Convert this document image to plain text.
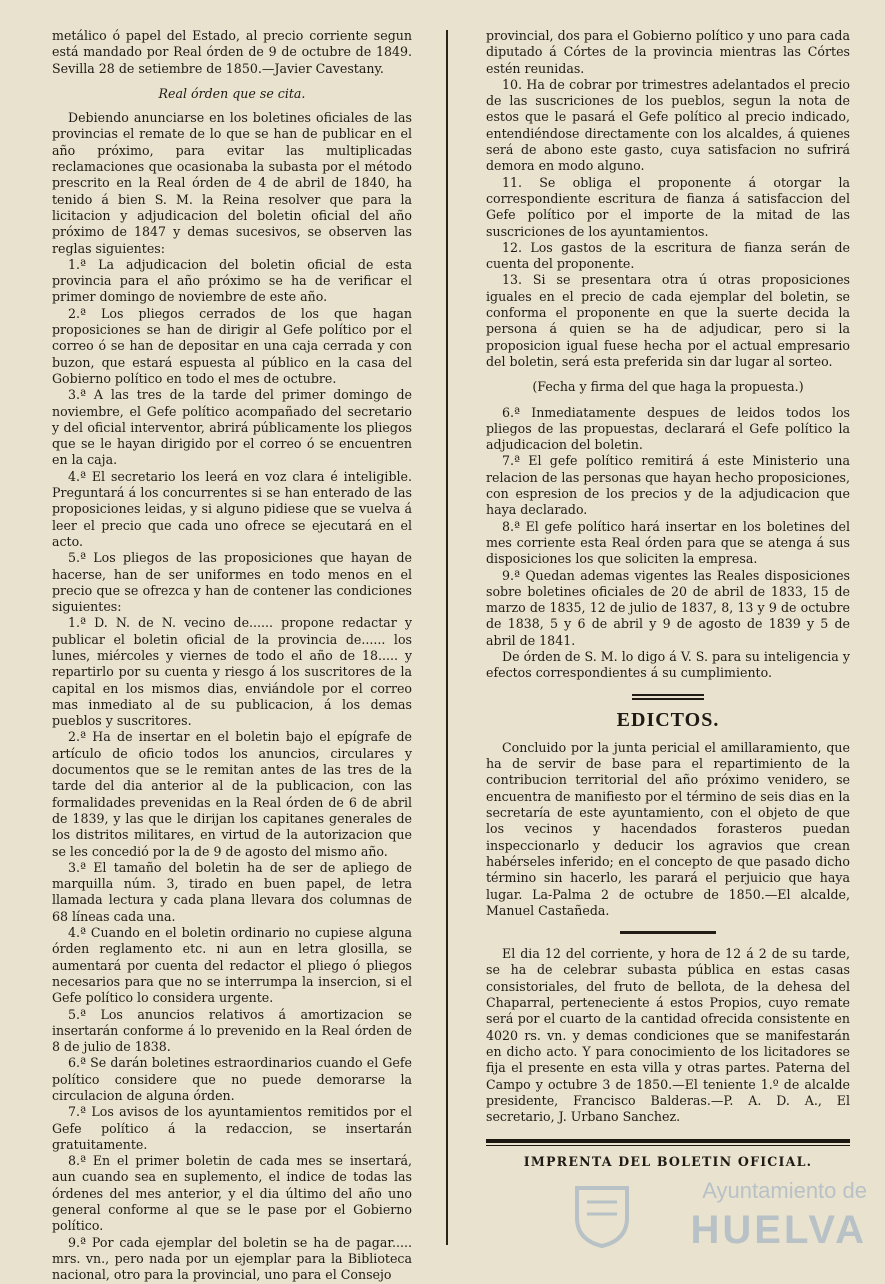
metálico ó papel del Estado, al precio corriente segun está mandado por Real órden de 9 de octubre de 1849. Sevilla 28 de setiembre de 1850.—Javier Cavestany.

Real órden que se cita.

Debiendo anunciarse en los boletines oficiales de las provincias el remate de lo que se han de publicar en el año próximo, para evitar las multiplicadas reclamaciones que ocasionaba la subasta por el método prescrito en la Real órden de 4 de abril de 1840, ha tenido á bien S. M. la Reina resolver que para la licitacion y adjudicacion del boletin oficial del año próximo de 1847 y demas sucesivos, se observen las reglas siguientes:

1.ª La adjudicacion del boletin oficial de esta provincia para el año próximo se ha de verificar el primer domingo de noviembre de este año.

2.ª Los pliegos cerrados de los que hagan proposiciones se han de dirigir al Gefe político por el correo ó se han de depositar en una caja cerrada y con buzon, que estará espuesta al público en la casa del Gobierno político en todo el mes de octubre.

3.ª A las tres de la tarde del primer domingo de noviembre, el Gefe político acompañado del secretario y del oficial interventor, abrirá públicamente los pliegos que se le hayan dirigido por el correo ó se encuentren en la caja.

4.ª El secretario los leerá en voz clara é inteligible. Preguntará á los concurrentes si se han enterado de las proposiciones leidas, y si alguno pidiese que se vuelva á leer el precio que cada uno ofrece se ejecutará en el acto.

5.ª Los pliegos de las proposiciones que hayan de hacerse, han de ser uniformes en todo menos en el precio que se ofrezca y han de contener las condiciones siguientes:

1.ª D. N. de N. vecino de...... propone redactar y publicar el boletin oficial de la provincia de...... los lunes, miércoles y viernes de todo el año de 18..... y repartirlo por su cuenta y riesgo á los suscritores de la capital en los mismos dias, enviándole por el correo mas inmediato al de su publicacion, á los demas pueblos y suscritores.

2.ª Ha de insertar en el boletin bajo el epígrafe de artículo de oficio todos los anuncios, circulares y documentos que se le remitan antes de las tres de la tarde del dia anterior al de la publicacion, con las formalidades prevenidas en la Real órden de 6 de abril de 1839, y las que le dirijan los capitanes generales de los distritos militares, en virtud de la autorizacion que se les concedió por la de 9 de agosto del mismo año.

3.ª El tamaño del boletin ha de ser de apliego de marquilla núm. 3, tirado en buen papel, de letra llamada lectura y cada plana llevara dos columnas de 68 líneas cada una.

4.ª Cuando en el boletin ordinario no cupiese alguna órden reglamento etc. ni aun en letra glosilla, se aumentará por cuenta del redactor el pliego ó pliegos necesarios para que no se interrumpa la insercion, si el Gefe político lo considera urgente.

5.ª Los anuncios relativos á amortizacion se insertarán conforme á lo prevenido en la Real órden de 8 de julio de 1838.

6.ª Se darán boletines estraordinarios cuando el Gefe político considere que no puede demorarse la circulacion de alguna órden.

7.ª Los avisos de los ayuntamientos remitidos por el Gefe político á la redaccion, se insertarán gratuitamente.

8.ª En el primer boletin de cada mes se insertará, aun cuando sea en suplemento, el indice de todas las órdenes del mes anterior, y el dia último del año uno general conforme al que se le pase por el Gobierno político.

9.ª Por cada ejemplar del boletin se ha de pagar..... mrs. vn., pero nada por un ejemplar para la Biblioteca nacional, otro para la provincial, uno para el Consejo

provincial, dos para el Gobierno político y uno para cada diputado á Córtes de la provincia mientras las Córtes estén reunidas.

10. Ha de cobrar por trimestres adelantados el precio de las suscriciones de los pueblos, segun la nota de estos que le pasará el Gefe político al precio indicado, entendiéndose directamente con los alcaldes, á quienes será de abono este gasto, cuya satisfacion no sufrirá demora en modo alguno.

11. Se obliga el proponente á otorgar la correspondiente escritura de fianza á satisfaccion del Gefe político por el importe de la mitad de las suscriciones de los ayuntamientos.

12. Los gastos de la escritura de fianza serán de cuenta del proponente.

13. Si se presentara otra ú otras proposiciones iguales en el precio de cada ejemplar del boletin, se conforma el proponente en que la suerte decida la persona á quien se ha de adjudicar, pero si la proposicion igual fuese hecha por el actual empresario del boletin, será esta preferida sin dar lugar al sorteo.

(Fecha y firma del que haga la propuesta.)

6.ª Inmediatamente despues de leidos todos los pliegos de las propuestas, declarará el Gefe político la adjudicacion del boletin.

7.ª El gefe político remitirá á este Ministerio una relacion de las personas que hayan hecho proposiciones, con espresion de los precios y de la adjudicacion que haya declarado.

8.ª El gefe político hará insertar en los boletines del mes corriente esta Real órden para que se atenga á sus disposiciones los que soliciten la empresa.

9.ª Quedan ademas vigentes las Reales disposiciones sobre boletines oficiales de 20 de abril de 1833, 15 de marzo de 1835, 12 de julio de 1837, 8, 13 y 9 de octubre de 1838, 5 y 6 de abril y 9 de agosto de 1839 y 5 de abril de 1841.

De órden de S. M. lo digo á V. S. para su inteligencia y efectos correspondientes á su cumplimiento.

EDICTOS.

Concluido por la junta pericial el amillaramiento, que ha de servir de base para el repartimiento de la contribucion territorial del año próximo venidero, se encuentra de manifiesto por el término de seis dias en la secretaría de este ayuntamiento, con el objeto de que los vecinos y hacendados forasteros puedan inspeccionarlo y deducir los agravios que crean habérseles inferido; en el concepto de que pasado dicho término sin hacerlo, les parará el perjuicio que haya lugar. La-Palma 2 de octubre de 1850.—El alcalde, Manuel Castañeda.

El dia 12 del corriente, y hora de 12 á 2 de su tarde, se ha de celebrar subasta pública en estas casas consistoriales, del fruto de bellota, de la dehesa del Chaparral, perteneciente á estos Propios, cuyo remate será por el cuarto de la cantidad ofrecida consistente en 4020 rs. vn. y demas condiciones que se manifestarán en dicho acto. Y para conocimiento de los licitadores se fija el presente en esta villa y otras partes. Paterna del Campo y octubre 3 de 1850.—El teniente 1.º de alcalde presidente, Francisco Balderas.—P. A. D. A., El secretario, J. Urbano Sanchez.

IMPRENTA DEL BOLETIN OFICIAL.
Ayuntamiento de
HUELVA
